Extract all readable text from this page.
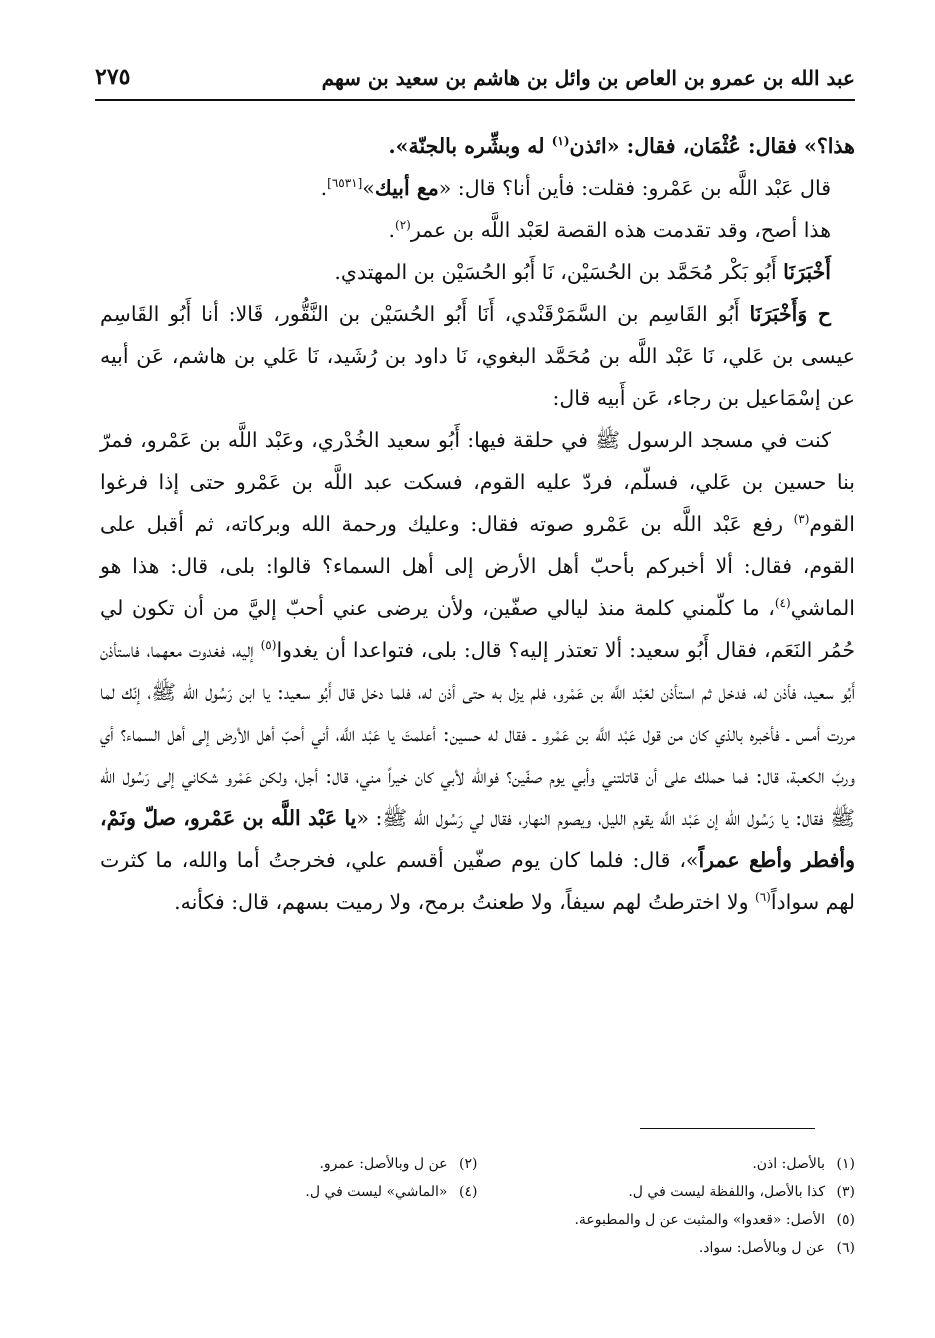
عبد الله بن عمرو بن العاص بن وائل بن هاشم بن سعيد بن سهم
٢٧٥

هذا؟» فقال: عُثْمَان، فقال: «ائذن$^{(١)}$ له وبشِّره بالجنّة».

قال عَبْد اللَّه بن عَمْرو: فقلت: فأين أنا؟ قال: «مع أبيك»[٦٥٣١].

هذا أصح، وقد تقدمت هذه القصة لعَبْد اللَّه بن عمر$^{(٢)}$.

أَخْبَرَنَا أَبُو بَكْر مُحَمَّد بن الحُسَيْن، نَا أَبُو الحُسَيْن بن المهتدي.

ح وَأَخْبَرَنَا أَبُو القَاسِم بن السَّمَرْقَنْدي، أَنَا أَبُو الحُسَيْن بن النَّقُّور، قَالا: أنا أَبُو القَاسِم عيسى بن عَلي، نَا عَبْد اللَّه بن مُحَمَّد البغوي، نَا داود بن رُشَيد، نَا عَلي بن هاشم، عَن أبيه عن إسْمَاعيل بن رجاء، عَن أَبيه قال:

كنت في مسجد الرسول ﷺ في حلقة فيها: أَبُو سعيد الخُدْري، وعَبْد اللَّه بن عَمْرو، فمرّ بنا حسين بن عَلي، فسلّم، فردّ عليه القوم، فسكت عبد اللَّه بن عَمْرو حتى إذا فرغوا القوم$^{(٣)}$ رفع عَبْد اللَّه بن عَمْرو صوته فقال: وعليك ورحمة الله وبركاته، ثم أقبل على القوم، فقال: ألا أخبركم بأحبّ أهل الأرض إلى أهل السماء؟ قالوا: بلى، قال: هذا هو الماشي$^{(٤)}$، ما كلّمني كلمة منذ ليالي صفّين، ولأن يرضى عني أحبّ إليَّ من أن تكون لي حُمُر النَعَم، فقال أَبُو سعيد: ألا تعتذر إليه؟ قال: بلى، فتواعدا أن يغدوا$^{(٥)}$ إليه، فغدوت معهما، فاستأذن أَبُو سعيد، فأذن له، فدخل ثم استأذن لعَبْد اللَّه بن عَمْرو، فلم يزل به حتى أذن له، فلما دخل قال أَبُو سعيد: يا ابن رَسُول الله ﷺ، إنّك لما مررت أمس ـ فأخبره بالذي كان من قول عَبْد اللَّه بن عَمْرو ـ فقال له حسين: أعلمتَ يا عَبْد اللَّه، أني أحبّ أهل الأرض إلى أهل السماء؟ أي وربّ الكعبة، قال: فما حملك على أن قاتلتني وأبي يوم صفّين؟ فوالله لأبي كان خيراً مني، قال: أجل، ولكن عَمْرو شكاني إلى رَسُول الله ﷺ فقال: يا رَسُول الله إن عَبْد اللَّه يقوم الليل، ويصوم النهار، فقال لي رَسُول الله ﷺ: «يا عَبْد اللَّه بن عَمْرو، صلّ ونَمْ، وأفطر وأطع عمراً»، قال: فلما كان يوم صفّين أقسم علي، فخرجتُ أما والله، ما كثرت لهم سواداً$^{(٦)}$ ولا اخترطتُ لهم سيفاً، ولا طعنتُ برمح، ولا رميت بسهم، قال: فكأنه.

(١)بالأصل: اذن.
(٢)عن ل وبالأصل: عمرو.
(٣)كذا بالأصل، واللفظة ليست في ل.
(٤)«الماشي» ليست في ل.
(٥)الأصل: «قعدوا» والمثبت عن ل والمطبوعة.
(٦)عن ل وبالأصل: سواد.
